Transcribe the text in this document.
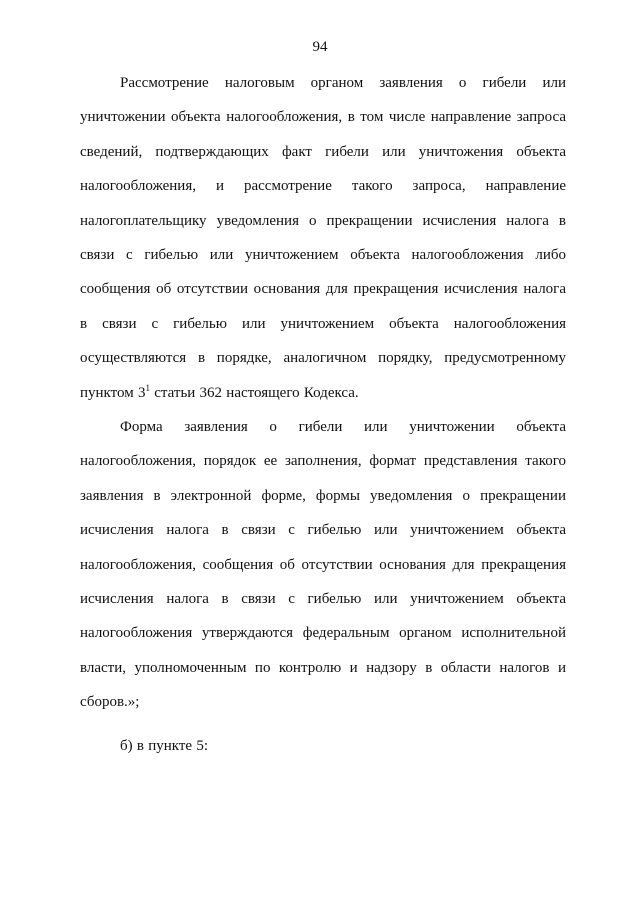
94

Рассмотрение налоговым органом заявления о гибели или уничтожении объекта налогообложения, в том числе направление запроса сведений, подтверждающих факт гибели или уничтожения объекта налогообложения, и рассмотрение такого запроса, направление налогоплательщику уведомления о прекращении исчисления налога в связи с гибелью или уничтожением объекта налогообложения либо сообщения об отсутствии основания для прекращения исчисления налога в связи с гибелью или уничтожением объекта налогообложения осуществляются в порядке, аналогичном порядку, предусмотренному пунктом $3^1$ статьи 362 настоящего Кодекса.

Форма заявления о гибели или уничтожении объекта налогообложения, порядок ее заполнения, формат представления такого заявления в электронной форме, формы уведомления о прекращении исчисления налога в связи с гибелью или уничтожением объекта налогообложения, сообщения об отсутствии основания для прекращения исчисления налога в связи с гибелью или уничтожением объекта налогообложения утверждаются федеральным органом исполнительной власти, уполномоченным по контролю и надзору в области налогов и сборов.»;

б) в пункте 5:
